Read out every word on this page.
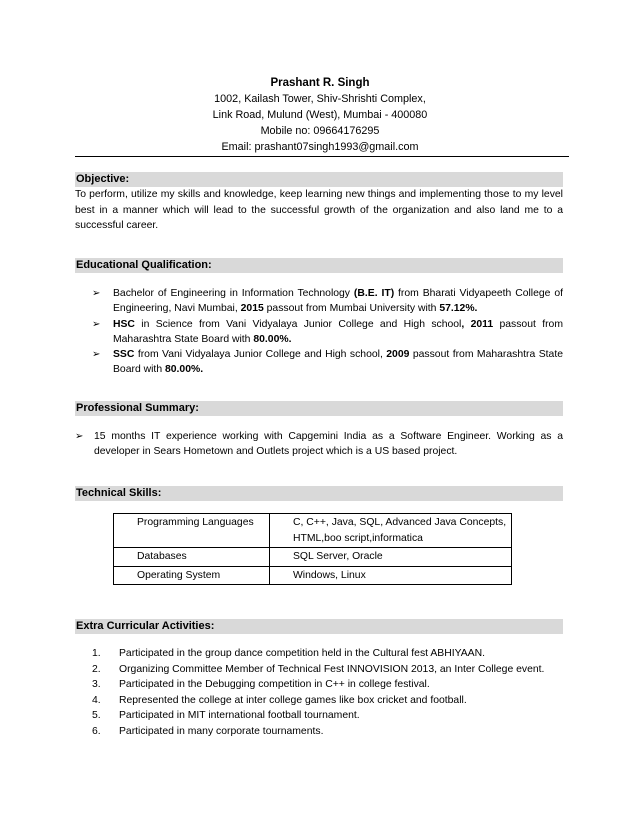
Prashant R. Singh
1002, Kailash Tower, Shiv-Shrishti Complex,
Link Road, Mulund (West), Mumbai - 400080
Mobile no: 09664176295
Email: prashant07singh1993@gmail.com
Objective:
To perform, utilize my skills and knowledge, keep learning new things and implementing those to my level best in a manner which will lead to the successful growth of the organization and also land me to a successful career.
Educational Qualification:
➢ Bachelor of Engineering in Information Technology (B.E. IT) from Bharati Vidyapeeth College of Engineering, Navi Mumbai, 2015 passout from Mumbai University with 57.12%.
➢ HSC in Science from Vani Vidyalaya Junior College and High school, 2011 passout from Maharashtra State Board with 80.00%.
➢ SSC from Vani Vidyalaya Junior College and High school, 2009 passout from Maharashtra State Board with 80.00%.
Professional Summary:
➢ 15 months IT experience working with Capgemini India as a Software Engineer. Working as a developer in Sears Hometown and Outlets project which is a US based project.
Technical Skills:
Programming Languages	C, C++, Java, SQL, Advanced Java Concepts, HTML,boo script,informatica
Databases	SQL Server, Oracle
Operating System	Windows, Linux
Extra Curricular Activities:
1. Participated in the group dance competition held in the Cultural fest ABHIYAAN.
2. Organizing Committee Member of Technical Fest INNOVISION 2013, an Inter College event.
3. Participated in the Debugging competition in C++ in college festival.
4. Represented the college at inter college games like box cricket and football.
5. Participated in MIT international football tournament.
6. Participated in many corporate tournaments.
